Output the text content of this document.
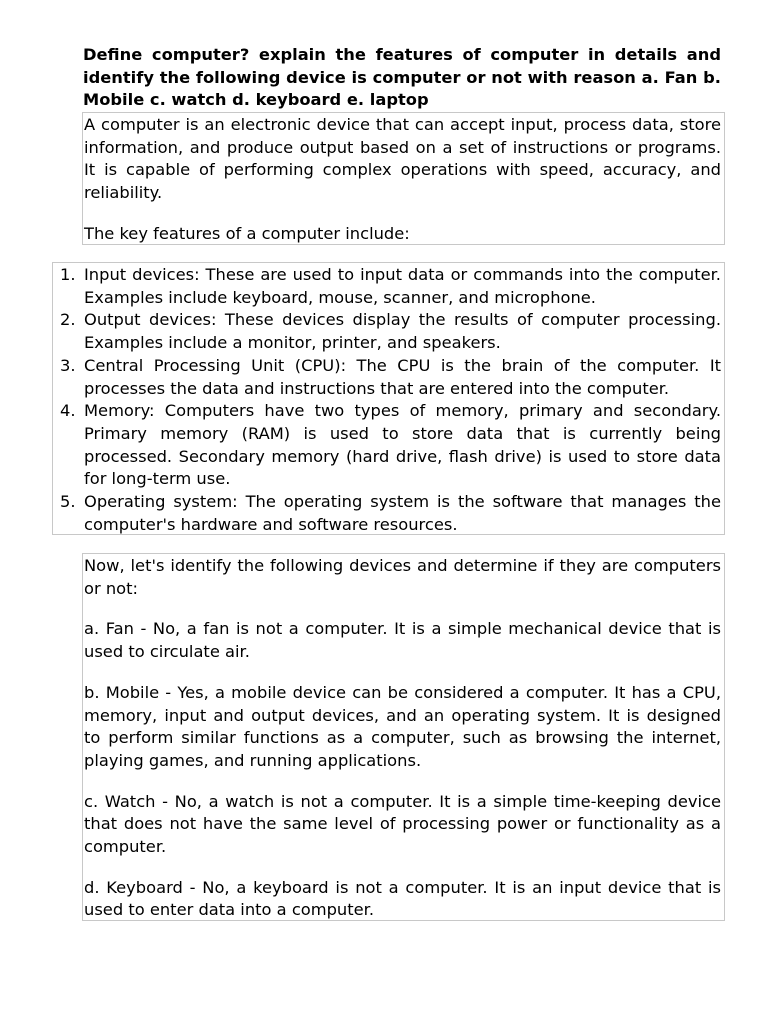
Define computer? explain the features of computer in details and identify the following device is computer or not with reason a. Fan b. Mobile c. watch d. keyboard e. laptop

A computer is an electronic device that can accept input, process data, store information, and produce output based on a set of instructions or programs. It is capable of performing complex operations with speed, accuracy, and reliability.

The key features of a computer include:

1. Input devices: These are used to input data or commands into the computer. Examples include keyboard, mouse, scanner, and microphone.
2. Output devices: These devices display the results of computer processing. Examples include a monitor, printer, and speakers.
3. Central Processing Unit (CPU): The CPU is the brain of the computer. It processes the data and instructions that are entered into the computer.
4. Memory: Computers have two types of memory, primary and secondary. Primary memory (RAM) is used to store data that is currently being processed. Secondary memory (hard drive, flash drive) is used to store data for long-term use.
5. Operating system: The operating system is the software that manages the computer's hardware and software resources.

Now, let's identify the following devices and determine if they are computers or not:

a. Fan - No, a fan is not a computer. It is a simple mechanical device that is used to circulate air.

b. Mobile - Yes, a mobile device can be considered a computer. It has a CPU, memory, input and output devices, and an operating system. It is designed to perform similar functions as a computer, such as browsing the internet, playing games, and running applications.

c. Watch - No, a watch is not a computer. It is a simple time-keeping device that does not have the same level of processing power or functionality as a computer.

d. Keyboard - No, a keyboard is not a computer. It is an input device that is used to enter data into a computer.
